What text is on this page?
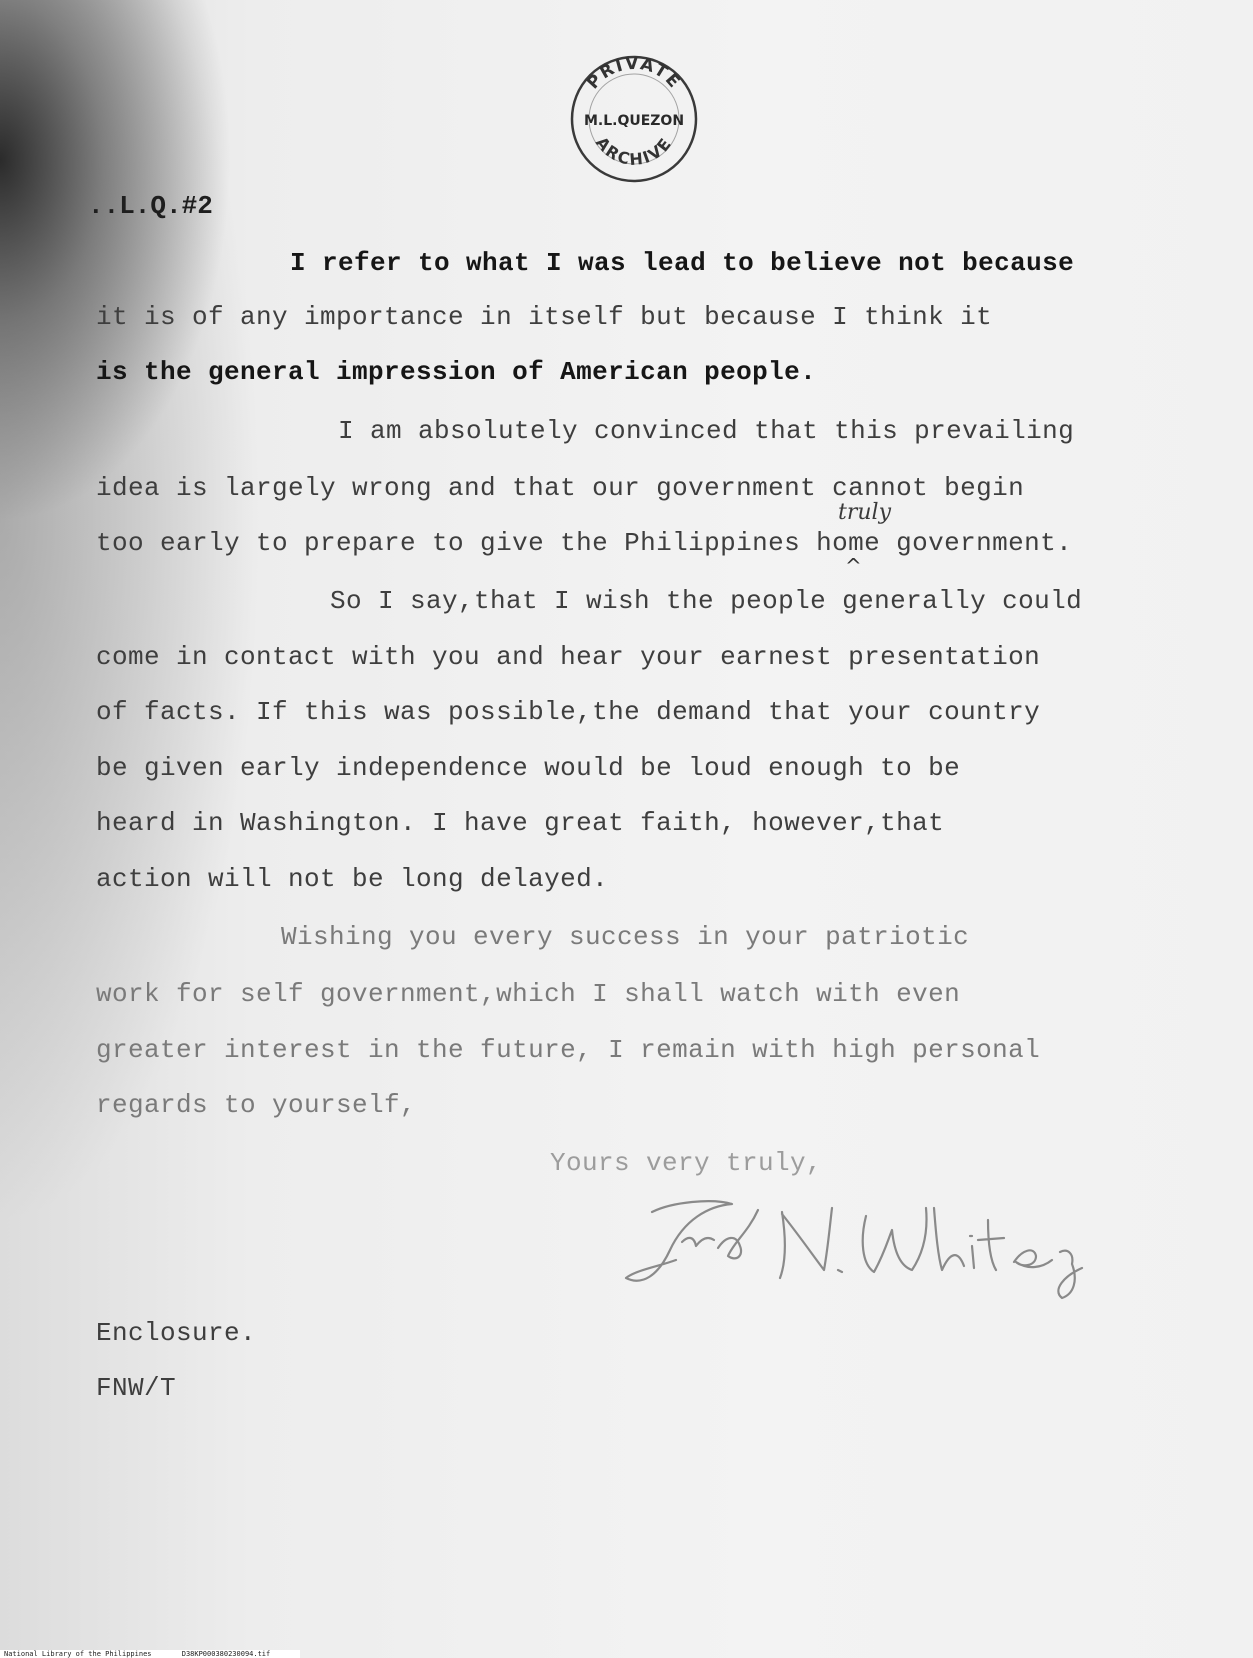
PRIVATE
M.L.QUEZON
ARCHIVE

..L.Q.#2

I refer to what I was lead to believe not because

it is of any importance in itself but because I think it

is the general impression of American people.

I am absolutely convinced that this prevailing

idea is largely wrong and that our government cannot begin

truly
^

too early to prepare to give the Philippines home government.

So I say,that I wish the people generally could

come in contact with you and hear your earnest presentation

of facts. If this was possible,the demand that your country

be given early independence would be loud enough to be

heard in Washington. I have great faith, however,that

action will not be long delayed.

Wishing you every success in your patriotic

work for self government,which I shall watch with even

greater interest in the future, I remain with high personal

regards to yourself,

Yours very truly,

Enclosure.

FNW/T

National Library of the Philippines	D38KP000380230094.tif
